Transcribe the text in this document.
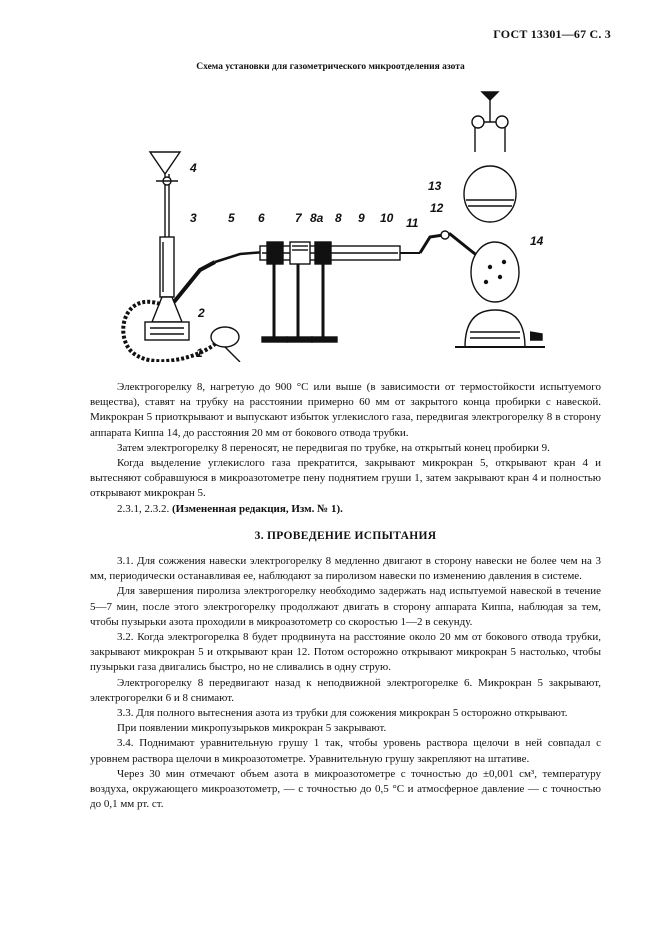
ГОСТ 13301—67 С. 3
Схема установки для газометрического микроотделения азота
4
3	5
2
1
6	7 8а 8 9 10 11
12
13
14

Электрогорелку 8, нагретую до 900 °С или выше (в зависимости от термостойкости испытуемого вещества), ставят на трубку на расстоянии примерно 60 мм от закрытого конца пробирки с навеской. Микрокран 5 приоткрывают и выпускают избыток углекислого газа, передвигая электрогорелку 8 в сторону аппарата Киппа 14, до расстояния 20 мм от бокового отвода трубки.

Затем электрогорелку 8 переносят, не передвигая по трубке, на открытый конец пробирки 9.

Когда выделение углекислого газа прекратится, закрывают микрокран 5, открывают кран 4 и вытесняют собравшуюся в микроазотометре пену поднятием груши 1, затем закрывают кран 4 и полностью открывают микрокран 5.

2.3.1, 2.3.2. (Измененная редакция, Изм. № 1).

3. ПРОВЕДЕНИЕ ИСПЫТАНИЯ

3.1. Для сожжения навески электрогорелку 8 медленно двигают в сторону навески не более чем на 3 мм, периодически останавливая ее, наблюдают за пиролизом навески по изменению давления в системе.

Для завершения пиролиза электрогорелку необходимо задержать над испытуемой навеской в течение 5—7 мин, после этого электрогорелку продолжают двигать в сторону аппарата Киппа, наблюдая за тем, чтобы пузырьки азота проходили в микроазотометр со скоростью 1—2 в секунду.

3.2. Когда электрогорелка 8 будет продвинута на расстояние около 20 мм от бокового отвода трубки, закрывают микрокран 5 и открывают кран 12. Потом осторожно открывают микрокран 5 настолько, чтобы пузырьки газа двигались быстро, но не сливались в одну струю.

Электрогорелку 8 передвигают назад к неподвижной электрогорелке 6. Микрокран 5 закрывают, электрогорелки 6 и 8 снимают.

3.3. Для полного вытеснения азота из трубки для сожжения микрокран 5 осторожно открывают.

При появлении микропузырьков микрокран 5 закрывают.

3.4. Поднимают уравнительную грушу 1 так, чтобы уровень раствора щелочи в ней совпадал с уровнем раствора щелочи в микроазотометре. Уравнительную грушу закрепляют на штативе.

Через 30 мин отмечают объем азота в микроазотометре с точностью до ±0,001 см³, температуру воздуха, окружающего микроазотометр, — с точностью до 0,5 °С и атмосферное давление — с точностью до 0,1 мм рт. ст.
